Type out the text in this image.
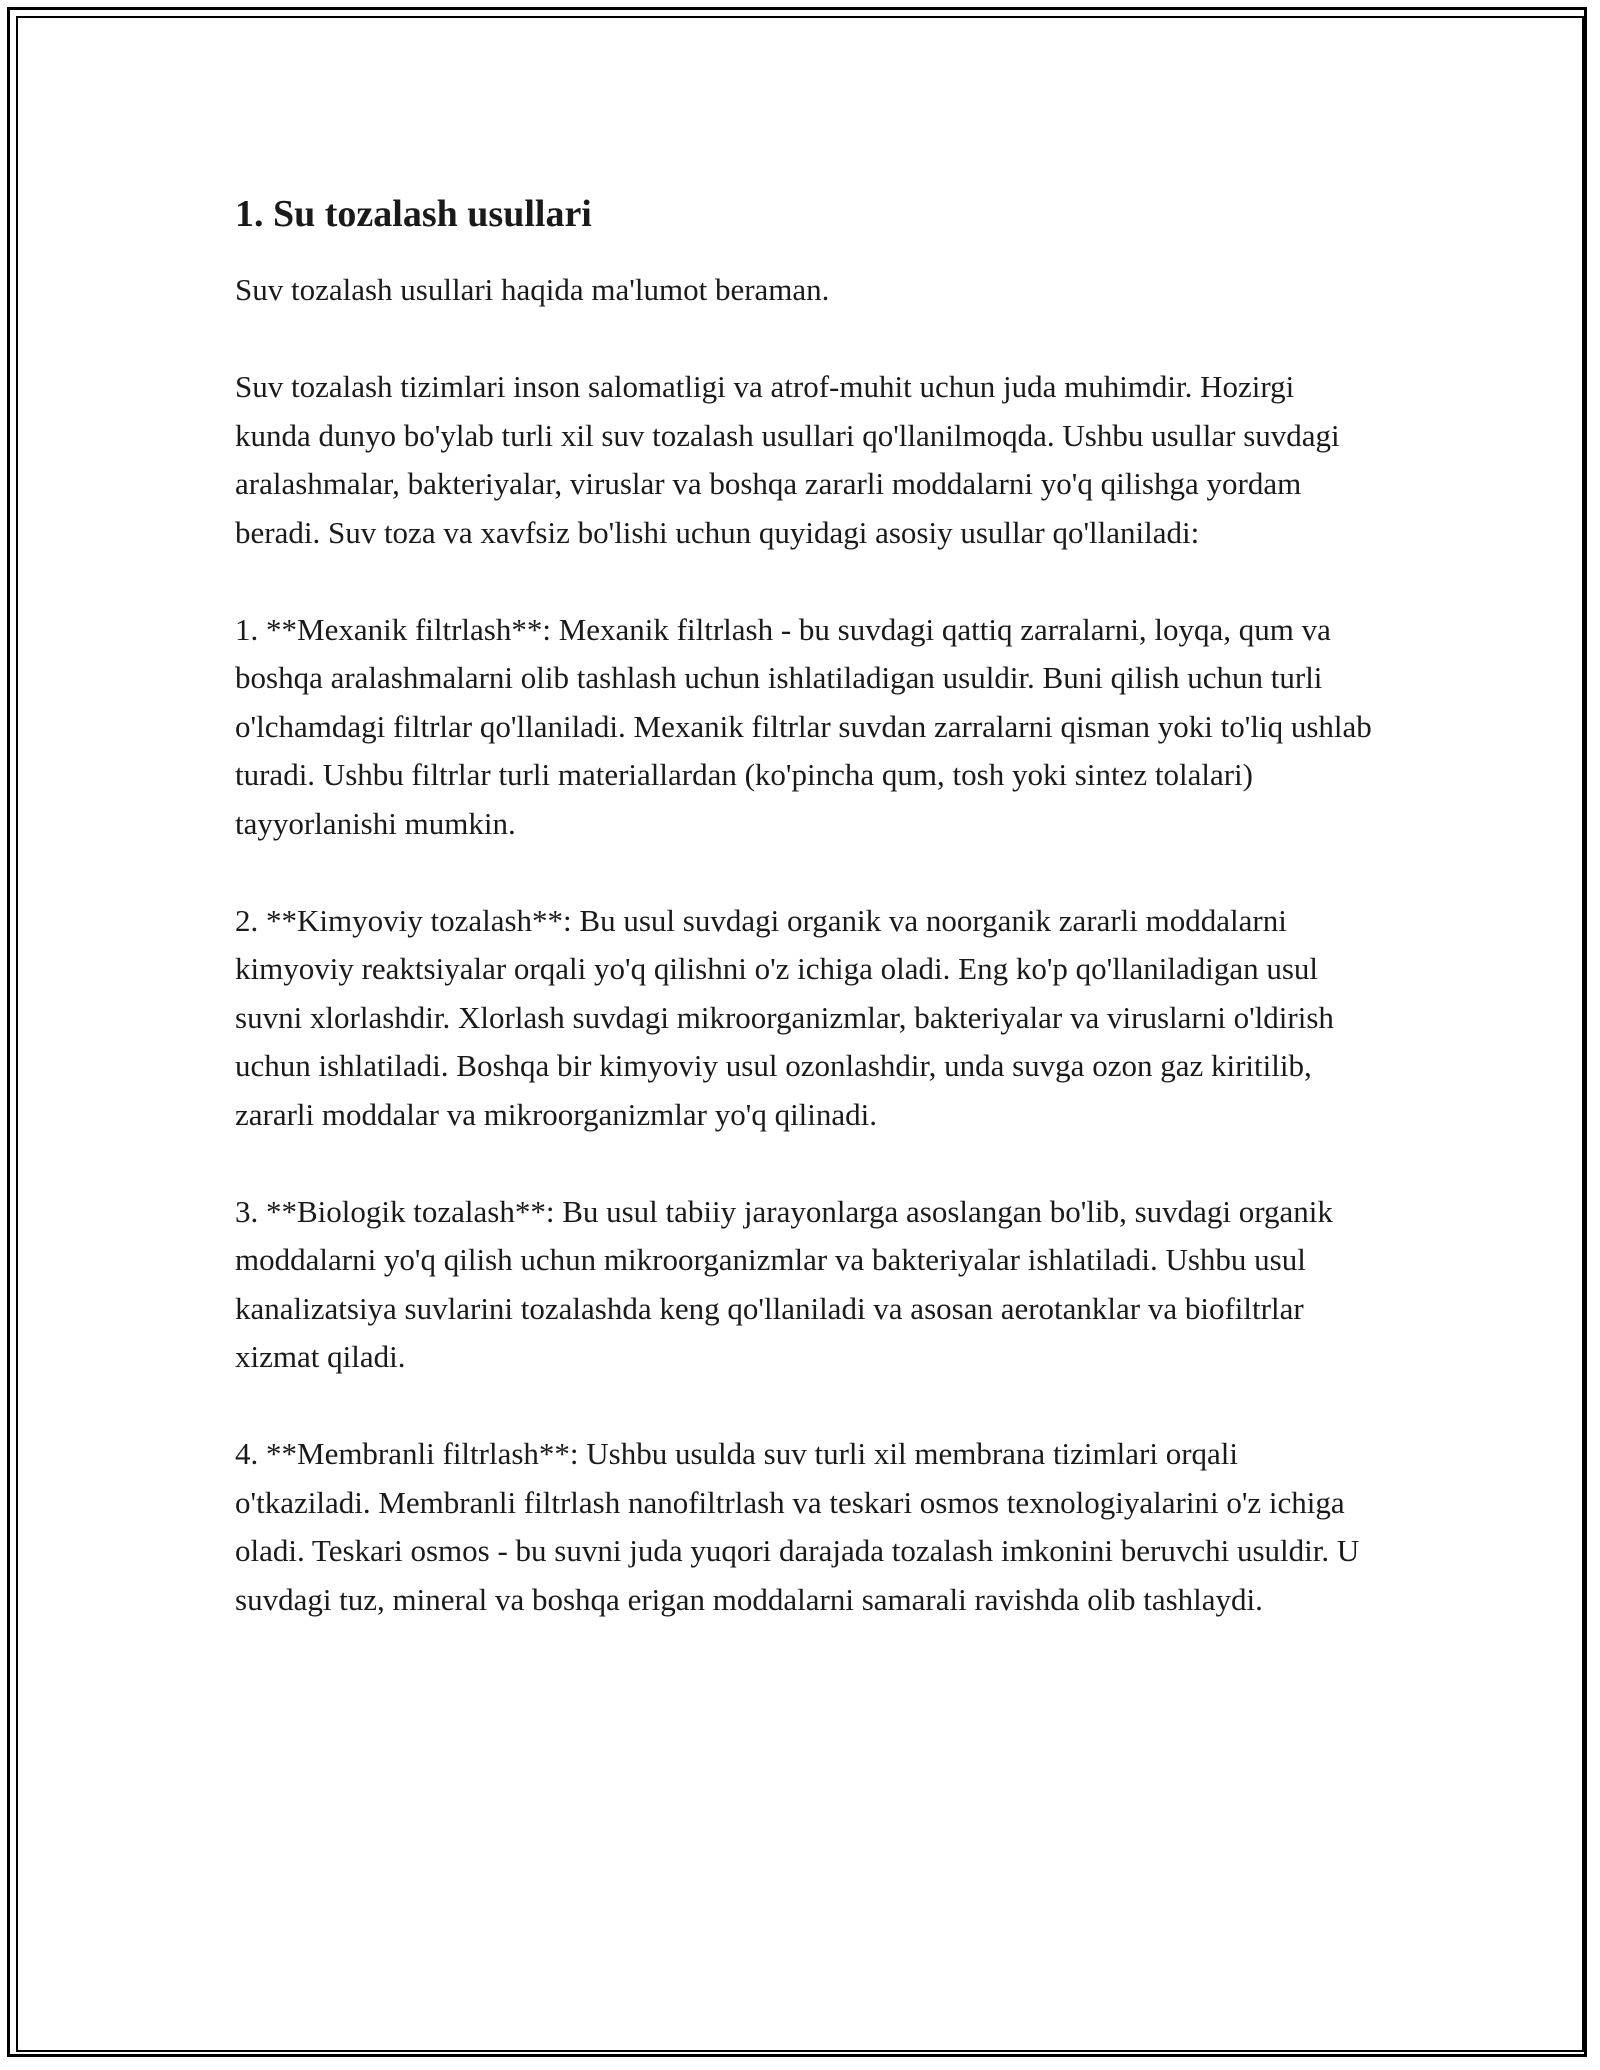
1. Su tozalash usullari

Suv tozalash usullari haqida ma'lumot beraman.

Suv tozalash tizimlari inson salomatligi va atrof-muhit uchun juda muhimdir. Hozirgi kunda dunyo bo'ylab turli xil suv tozalash usullari qo'llanilmoqda. Ushbu usullar suvdagi aralashmalar, bakteriyalar, viruslar va boshqa zararli moddalarni yo'q qilishga yordam beradi. Suv toza va xavfsiz bo'lishi uchun quyidagi asosiy usullar qo'llaniladi:

1. **Mexanik filtrlash**: Mexanik filtrlash - bu suvdagi qattiq zarralarni, loyqa, qum va boshqa aralashmalarni olib tashlash uchun ishlatiladigan usuldir. Buni qilish uchun turli o'lchamdagi filtrlar qo'llaniladi. Mexanik filtrlar suvdan zarralarni qisman yoki to'liq ushlab turadi. Ushbu filtrlar turli materiallardan (ko'pincha qum, tosh yoki sintez tolalari) tayyorlanishi mumkin.

2. **Kimyoviy tozalash**: Bu usul suvdagi organik va noorganik zararli moddalarni kimyoviy reaktsiyalar orqali yo'q qilishni o'z ichiga oladi. Eng ko'p qo'llaniladigan usul suvni xlorlashdir. Xlorlash suvdagi mikroorganizmlar, bakteriyalar va viruslarni o'ldirish uchun ishlatiladi. Boshqa bir kimyoviy usul ozonlashdir, unda suvga ozon gaz kiritilib, zararli moddalar va mikroorganizmlar yo'q qilinadi.

3. **Biologik tozalash**: Bu usul tabiiy jarayonlarga asoslangan bo'lib, suvdagi organik moddalarni yo'q qilish uchun mikroorganizmlar va bakteriyalar ishlatiladi. Ushbu usul kanalizatsiya suvlarini tozalashda keng qo'llaniladi va asosan aerotanklar va biofiltrlar xizmat qiladi.

4. **Membranli filtrlash**: Ushbu usulda suv turli xil membrana tizimlari orqali o'tkaziladi. Membranli filtrlash nanofiltrlash va teskari osmos texnologiyalarini o'z ichiga oladi. Teskari osmos - bu suvni juda yuqori darajada tozalash imkonini beruvchi usuldir. U suvdagi tuz, mineral va boshqa erigan moddalarni samarali ravishda olib tashlaydi.
